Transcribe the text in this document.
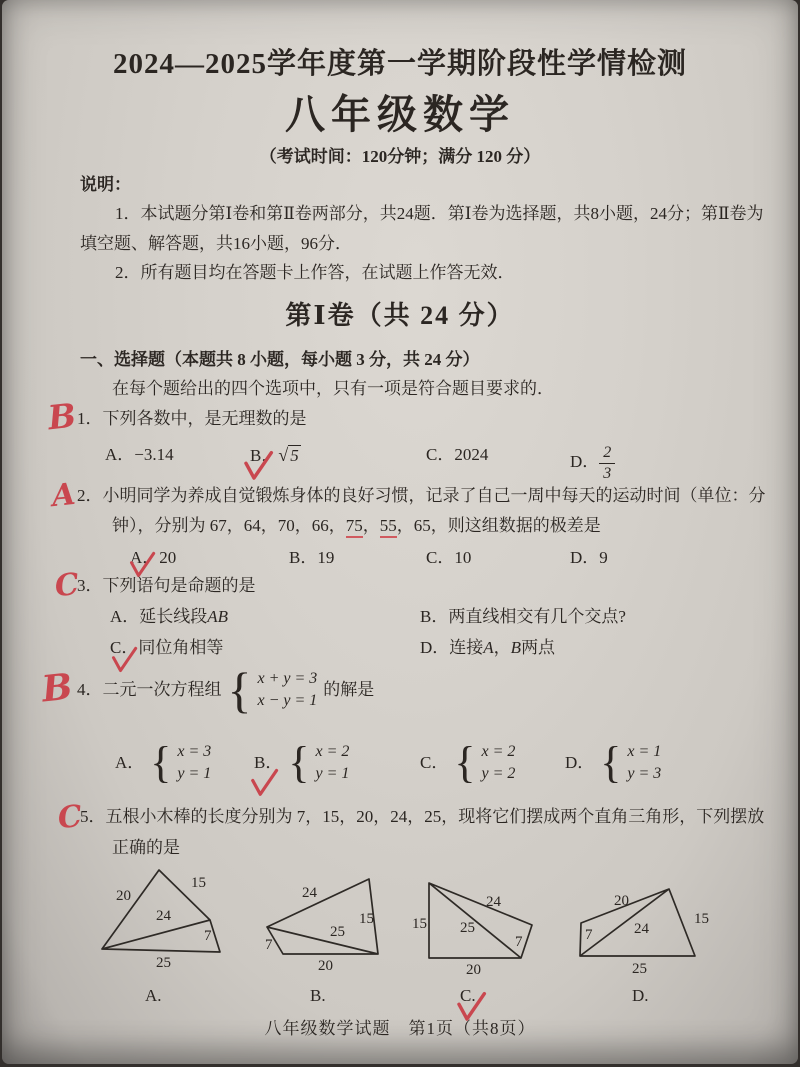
2024—2025学年度第一学期阶段性学情检测
八年级数学
（考试时间：120分钟；满分 120 分）
说明：
1．本试题分第Ⅰ卷和第Ⅱ卷两部分，共24题．第Ⅰ卷为选择题，共8小题，24分；第Ⅱ卷为
填空题、解答题，共16小题，96分．
2．所有题目均在答题卡上作答，在试题上作答无效．
第Ⅰ卷（共 24 分）
一、选择题（本题共 8 小题，每小题 3 分，共 24 分）
在每个题给出的四个选项中，只有一项是符合题目要求的．
B 1．下列各数中，是无理数的是
A．−3.14	B．√ 5	C．2024	D． $\frac{2}{3}$
A 2．小明同学为养成自觉锻炼身体的良好习惯，记录了自己一周中每天的运动时间（单位：分
钟），分别为 67，64，70，66，75，55，65，则这组数据的极差是
A．20	B．19	C．10	D．9
C
3．下列语句是命题的是
A．延长线段AB	B．两直线相交有几个交点?
C．同位角相等	D．连接A，B两点
B 4．二元一次方程组 { x + y = 3
x − y = 1
的解是
A． { x = 3
y = 1
B． { x = 2
y = 1
C． { x = 2
y = 2
D． { x = 1
y = 3
C
5．五根小木棒的长度分别为 7，15，20，24，25，现将它们摆成两个直角三角形，下列摆放
正确的是
20
15
24
7
25
24
15
25
7
20
15
24
25
7
20
20
7	24
15
25
A.	B.	C.	D.
八年级数学试题　第1页（共8页）
